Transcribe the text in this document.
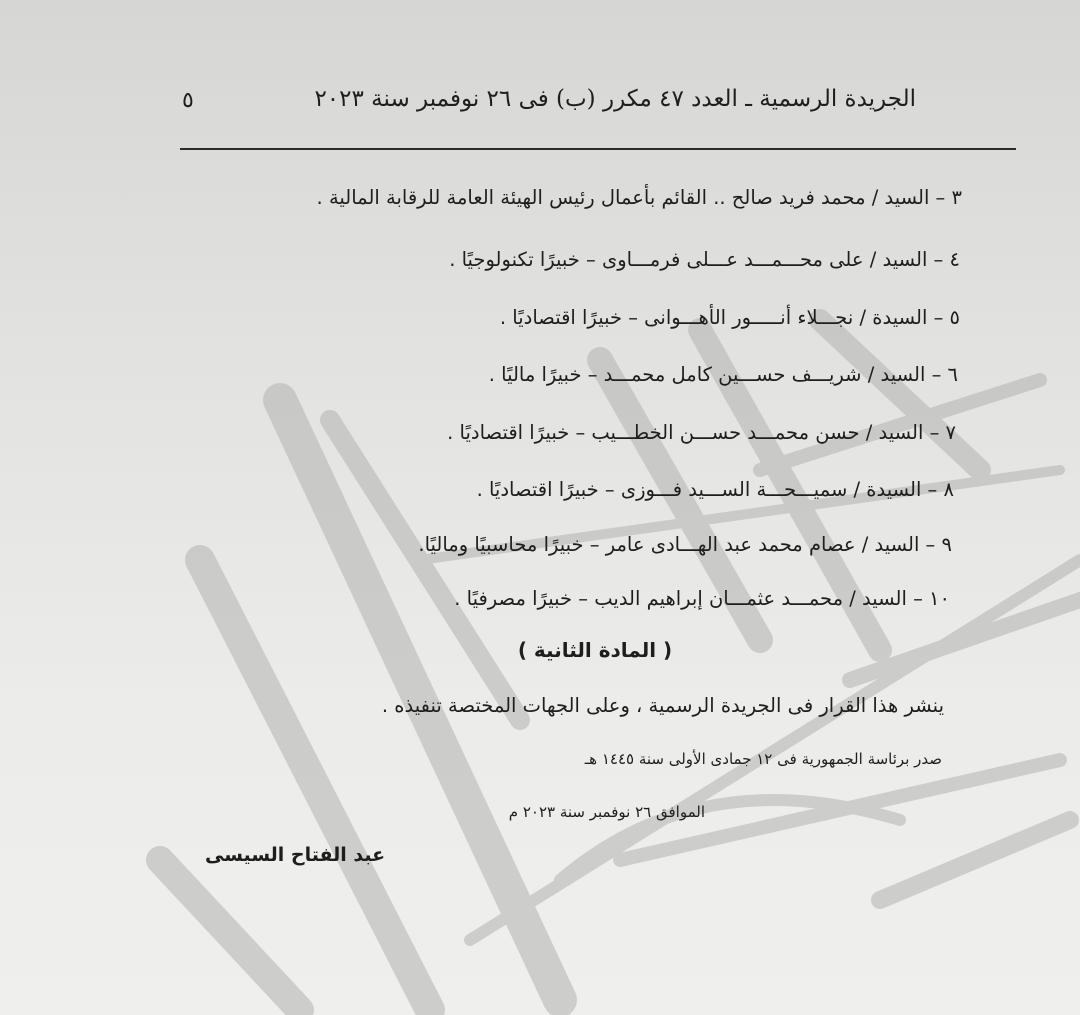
الجريدة الرسمية ـ العدد ٤٧ مكرر (ب) فى ٢٦ نوفمبر سنة ٢٠٢٣
٥
٣ – السيد / محمد فريد صالح .. القائم بأعمال رئيس الهيئة العامة للرقابة المالية .
٤ – السيد / على محـــمـــد عـــلى فرمـــاوى – خبيرًا تكنولوجيًا .
٥ – السيدة / نجـــلاء أنـــــور الأهـــوانى – خبيرًا اقتصاديًا .
٦ – السيد / شريـــف حســـين كامل محمـــد – خبيرًا ماليًا .
٧ – السيد / حسن محمـــد حســـن الخطـــيب – خبيرًا اقتصاديًا .
٨ – السيدة / سميـــحـــة الســـيد فـــوزى – خبيرًا اقتصاديًا .
٩ – السيد / عصام محمد عبد الهـــادى عامر – خبيرًا محاسبيًا وماليًا.
١٠ – السيد / محمـــد عثمـــان إبراهيم الديب – خبيرًا مصرفيًا .
( المادة الثانية )
ينشر هذا القرار فى الجريدة الرسمية ، وعلى الجهات المختصة تنفيذه .
صدر برئاسة الجمهورية فى ١٢ جمادى الأولى سنة ١٤٤٥ هـ
الموافق ٢٦ نوفمبر سنة ٢٠٢٣ م
عبد الفتاح السيسى
